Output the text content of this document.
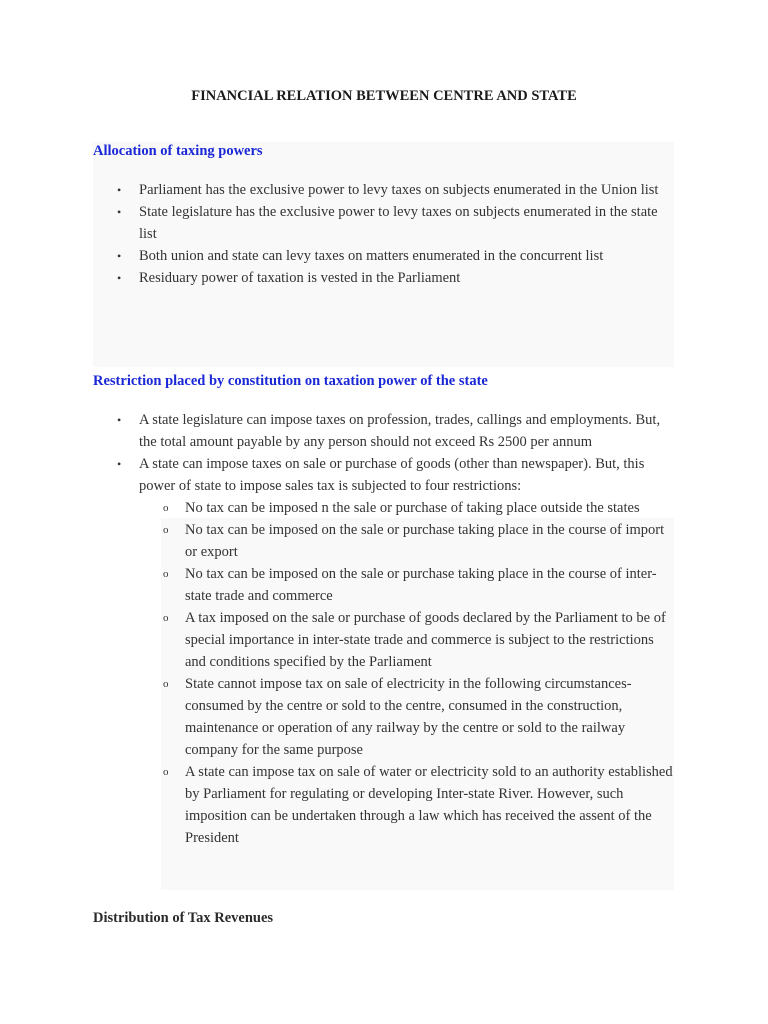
FINANCIAL RELATION BETWEEN CENTRE AND STATE
Allocation of taxing powers
• Parliament has the exclusive power to levy taxes on subjects enumerated in the Union list
• State legislature has the exclusive power to levy taxes on subjects enumerated in the state list
• Both union and state can levy taxes on matters enumerated in the concurrent list
• Residuary power of taxation is vested in the Parliament
Restriction placed by constitution on taxation power of the state
• A state legislature can impose taxes on profession, trades, callings and employments. But, the total amount payable by any person should not exceed Rs 2500 per annum
• A state can impose taxes on sale or purchase of goods (other than newspaper). But, this power of state to impose sales tax is subjected to four restrictions:
o No tax can be imposed n the sale or purchase of taking place outside the states
o No tax can be imposed on the sale or purchase taking place in the course of import or export
o No tax can be imposed on the sale or purchase taking place in the course of inter-state trade and commerce
o A tax imposed on the sale or purchase of goods declared by the Parliament to be of special importance in inter-state trade and commerce is subject to the restrictions and conditions specified by the Parliament
o State cannot impose tax on sale of electricity in the following circumstances- consumed by the centre or sold to the centre, consumed in the construction, maintenance or operation of any railway by the centre or sold to the railway company for the same purpose
o A state can impose tax on sale of water or electricity sold to an authority established by Parliament for regulating or developing Inter-state River. However, such imposition can be undertaken through a law which has received the assent of the President
Distribution of Tax Revenues
